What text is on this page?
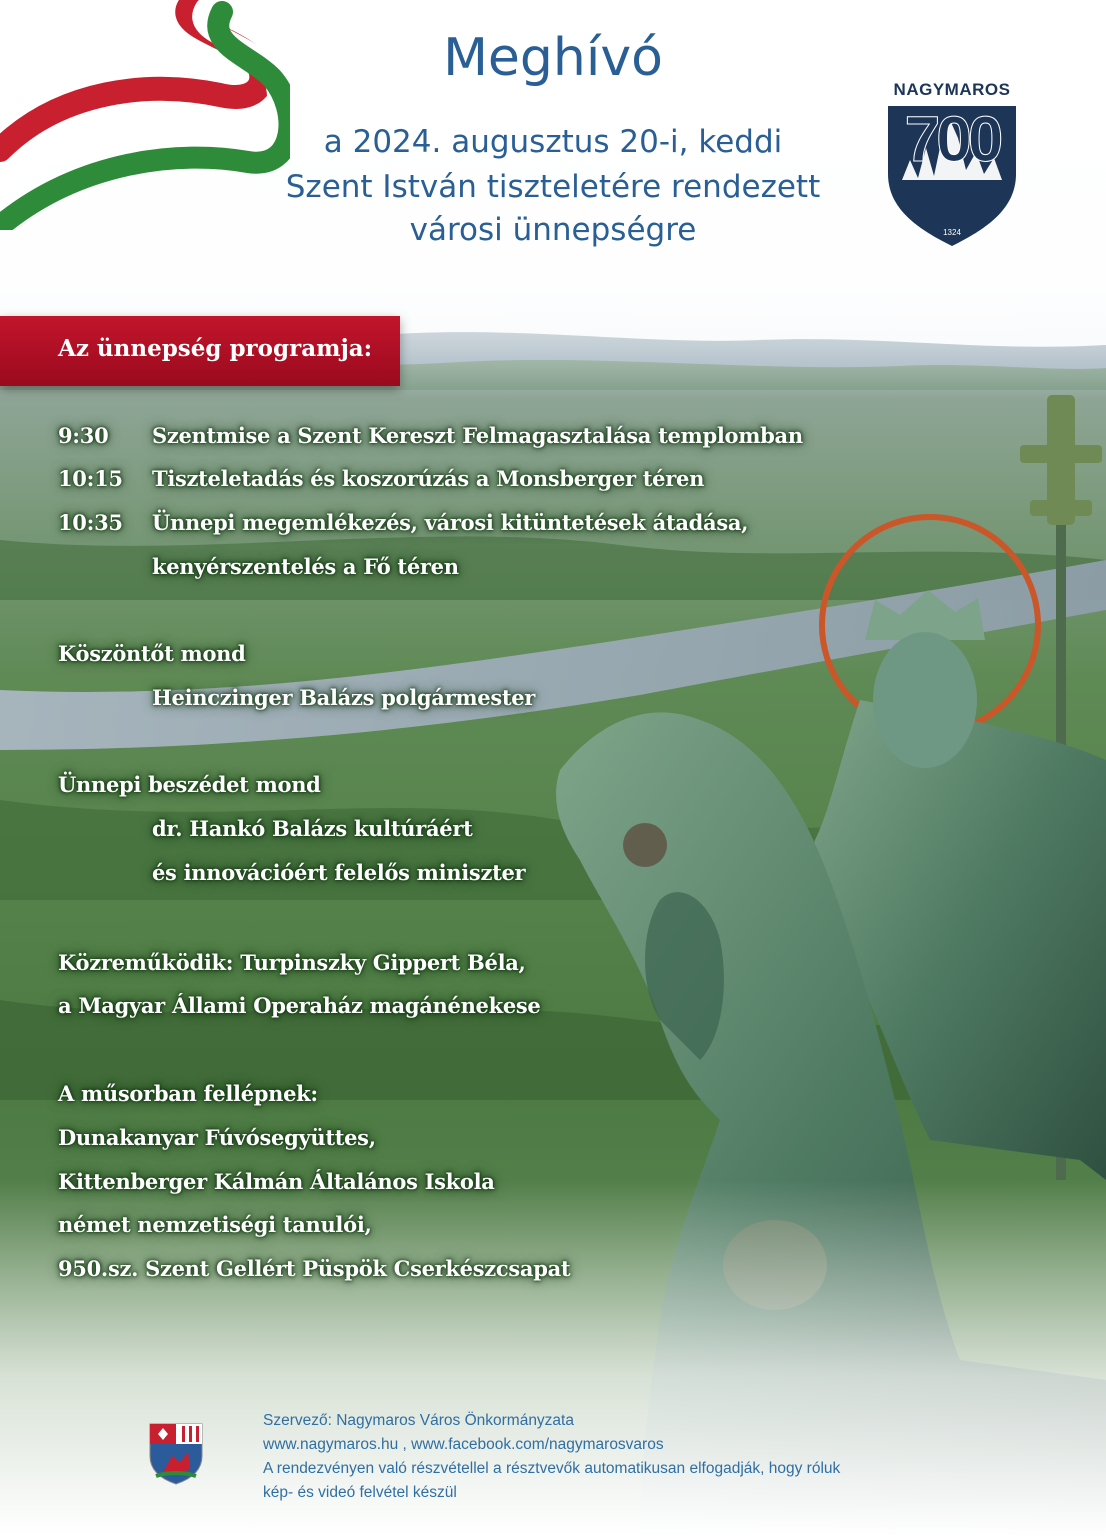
Meghívó
a 2024. augusztus 20-i, keddi
Szent István tiszteletére rendezett
városi ünnepségre
NAGYMAROS
700
1324
Az ünnepség programja:
9:30 Szentmise a Szent Kereszt Felmagasztalása templomban
10:15 Tiszteletadás és koszorúzás a Monsberger téren
10:35 Ünnepi megemlékezés, városi kitüntetések átadása,
kenyérszentelés a Fő téren
Köszöntőt mond
Heinczinger Balázs polgármester
Ünnepi beszédet mond
dr. Hankó Balázs kultúráért
és innovációért felelős miniszter
Közreműködik: Turpinszky Gippert Béla,
a Magyar Állami Operaház magánénekese
A műsorban fellépnek:
Dunakanyar Fúvósegyüttes,
Kittenberger Kálmán Általános Iskola
német nemzetiségi tanulói,
950.sz. Szent Gellért Püspök Cserkészcsapat
Szervező: Nagymaros Város Önkormányzata
www.nagymaros.hu , www.facebook.com/nagymarosvaros
A rendezvényen való részvétellel a résztvevők automatikusan elfogadják, hogy róluk
kép- és videó felvétel készül
